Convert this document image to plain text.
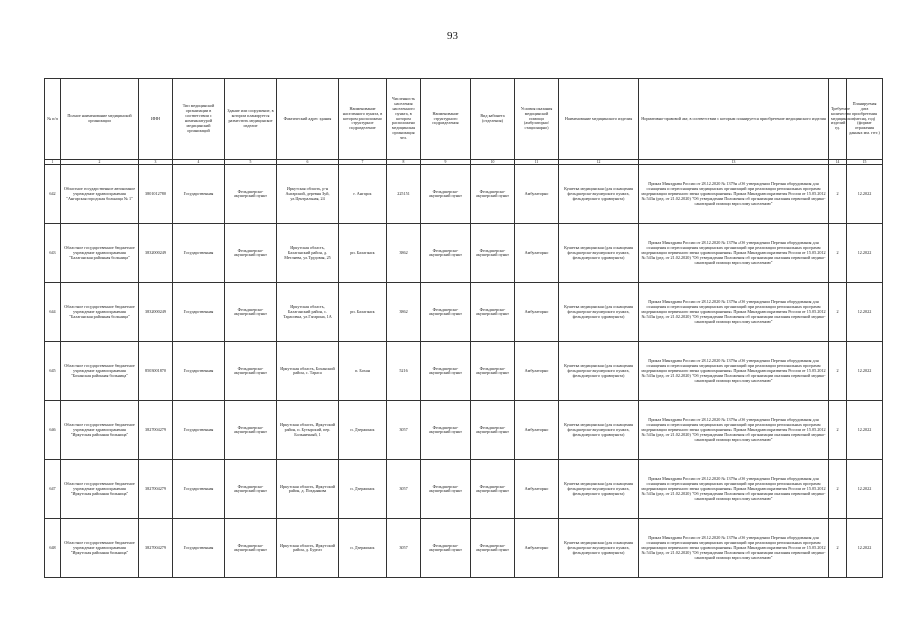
93
№ п/п	Полное наименование медицинской организации	ИНН	Тип медицинской организации в соответствии с номенклатурой медицинский организаций	Здание или сооружение, в котором планируется разместить медицинское изделие	Фактический адрес здания	Наименование населенного пункта, в котором расположено структурное подразделение	Численность населения населенного пункта, в котором расположено медицинская организация чел.	Наименование структурного подразделения	Вид кабинета (отделения)	Условия оказания медицинской помощи (амбулаторно/ стационарно)	Наименование медицинского изделия	Нормативно-правовой акт, в соответствии с которым планируется приобретение медицинского изделия	Требуемое количество медицинских изделий ед.	Планируемая дата приобретения (месяц, год) (формат отражения данных мм. гггг.)
1	2	3	4	5	6	7	8	9	10	11	12	13	14	15
642	Областное государственное автономное учреждение здравоохранения "Ангарская городская больница № 1"	3801012780	Государственная	Фельдшерско-акушерский пункт	Иркутская область, р-н Ангарский, деревня Зуй, ул.Центральная, 24	г. Ангарск	225151	Фельдшерско-акушерский пункт	Фельдшерско-акушерский пункт	Амбулаторно	Кушетка медицинская (для оснащения фельдшерско-акушерского пункта, фельдшерского здравпункта)	Приказ Минздрава России от 28.12.2020 № 1379н «Об утверждении Перечня оборудования для оснащения и переоснащения медицинских организаций при реализации региональных программ модернизации первичного звена здравоохранения» Приказ Минздравсоцразвития России от 15.05.2012 № 543н (ред. от 21.02.2020) "Об утверждении Положения об организации оказания первичной медико-санитарной помощи взрослому населению"	2	12.2022
643	Областное государственное бюджетное учреждение здравоохранения "Балаганская районная больница"	3832000249	Государственная	Фельдшерско-акушерский пункт	Иркутская область, Балаганский район, д. Метляева, ул.Трудовая, 25	рп. Балаганск	3862	Фельдшерско-акушерский пункт	Фельдшерско-акушерский пункт	Амбулаторно	Кушетка медицинская (для оснащения фельдшерско-акушерского пункта, фельдшерского здравпункта)	Приказ Минздрава России от 28.12.2020 № 1379н «Об утверждении Перечня оборудования для оснащения и переоснащения медицинских организаций при реализации региональных программ модернизации первичного звена здравоохранения» Приказ Минздравсоцразвития России от 15.05.2012 № 543н (ред. от 21.02.2020) "Об утверждении Положения об организации оказания первичной медико-санитарной помощи взрослому населению"	2	12.2022
644	Областное государственное бюджетное учреждение здравоохранения "Балаганская районная больница"	3832000249	Государственная	Фельдшерско-акушерский пункт	Иркутская область, Балаганский район, с. Тарасовка, ул.Гагарина, 1А	рп. Балаганск	3862	Фельдшерско-акушерский пункт	Фельдшерско-акушерский пункт	Амбулаторно	Кушетка медицинская (для оснащения фельдшерско-акушерского пункта, фельдшерского здравпункта)	Приказ Минздрава России от 28.12.2020 № 1379н «Об утверждении Перечня оборудования для оснащения и переоснащения медицинских организаций при реализации региональных программ модернизации первичного звена здравоохранения» Приказ Минздравсоцразвития России от 15.05.2012 № 543н (ред. от 21.02.2020) "Об утверждении Положения об организации оказания первичной медико-санитарной помощи взрослому населению"	2	12.2022
645	Областное государственное бюджетное учреждение здравоохранения "Боханская районная больница"	8503001870	Государственная	Фельдшерско-акушерский пункт	Иркутская область, Боханский район, с. Тараса	п. Бохан	5216	Фельдшерско-акушерский пункт	Фельдшерско-акушерский пункт	Амбулаторно	Кушетка медицинская (для оснащения фельдшерско-акушерского пункта, фельдшерского здравпункта)	Приказ Минздрава России от 28.12.2020 № 1379н «Об утверждении Перечня оборудования для оснащения и переоснащения медицинских организаций при реализации региональных программ модернизации первичного звена здравоохранения» Приказ Минздравсоцразвития России от 15.05.2012 № 543н (ред. от 21.02.2020) "Об утверждении Положения об организации оказания первичной медико-санитарной помощи взрослому населению"	2	12.2022
646	Областное государственное бюджетное учреждение здравоохранения "Иркутская районная больница"	3827004279	Государственная	Фельдшерско-акушерский пункт	Иркутская область, Иркутский район, п. Бутырский, пер. Больничный, 1	п. Дзержинск	3057	Фельдшерско-акушерский пункт	Фельдшерско-акушерский пункт	Амбулаторно	Кушетка медицинская (для оснащения фельдшерско-акушерского пункта, фельдшерского здравпункта)	Приказ Минздрава России от 28.12.2020 № 1379н «Об утверждении Перечня оборудования для оснащения и переоснащения медицинских организаций при реализации региональных программ модернизации первичного звена здравоохранения» Приказ Минздравсоцразвития России от 15.05.2012 № 543н (ред. от 21.02.2020) "Об утверждении Положения об организации оказания первичной медико-санитарной помощи взрослому населению"	2	12.2022
647	Областное государственное бюджетное учреждение здравоохранения "Иркутская районная больница"	3827004279	Государственная	Фельдшерско-акушерский пункт	Иркутская область, Иркутский район, д. Позднякова	п. Дзержинск	3057	Фельдшерско-акушерский пункт	Фельдшерско-акушерский пункт	Амбулаторно	Кушетка медицинская (для оснащения фельдшерско-акушерского пункта, фельдшерского здравпункта)	Приказ Минздрава России от 28.12.2020 № 1379н «Об утверждении Перечня оборудования для оснащения и переоснащения медицинских организаций при реализации региональных программ модернизации первичного звена здравоохранения» Приказ Минздравсоцразвития России от 15.05.2012 № 543н (ред. от 21.02.2020) "Об утверждении Положения об организации оказания первичной медико-санитарной помощи взрослому населению"	2	12.2022
648	Областное государственное бюджетное учреждение здравоохранения "Иркутская районная больница"	3827004279	Государственная	Фельдшерско-акушерский пункт	Иркутская область, Иркутский район, д. Бургаз	п. Дзержинск	3057	Фельдшерско-акушерский пункт	Фельдшерско-акушерский пункт	Амбулаторно	Кушетка медицинская (для оснащения фельдшерско-акушерского пункта, фельдшерского здравпункта)	Приказ Минздрава России от 28.12.2020 № 1379н «Об утверждении Перечня оборудования для оснащения и переоснащения медицинских организаций при реализации региональных программ модернизации первичного звена здравоохранения» Приказ Минздравсоцразвития России от 15.05.2012 № 543н (ред. от 21.02.2020) "Об утверждении Положения об организации оказания первичной медико-санитарной помощи взрослому населению"	2	12.2022
